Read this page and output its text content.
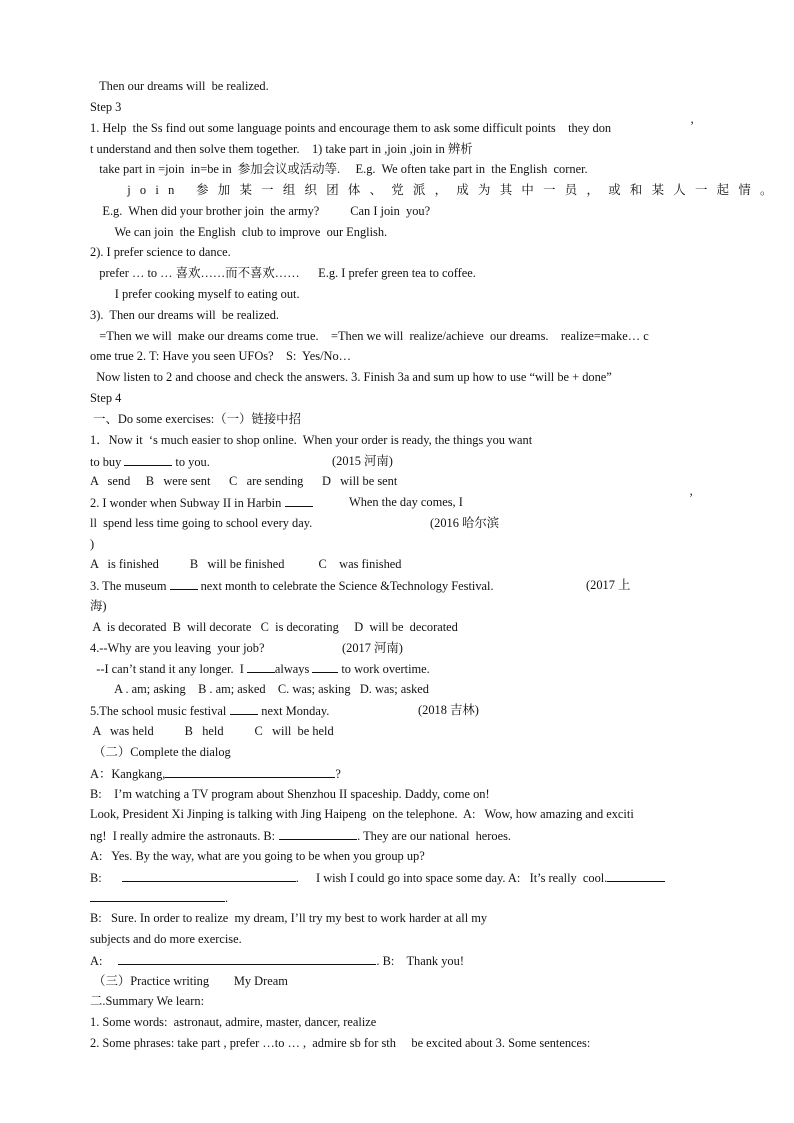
Then our dreams will  be realized.
Step 3
1. Help  the Ss find out some language points and encourage them to ask some difficult points    they don	’
t understand and then solve them together.    1) take part in ,join ,join in 辨析
take part in =join  in=be in  参加会议或活动等.     E.g.  We often take part in  the English  corner.
join 参加某一组织团体、党派，成为其中一员，或和某人一起情。
E.g.  When did your brother join  the army?          Can I join  you?
We can join  the English  club to improve  our English.
2). I prefer science to dance.
prefer … to … 喜欢……而不喜欢……      E.g. I prefer green tea to coffee.
I prefer cooking myself to eating out.
3).  Then our dreams will  be realized.
=Then we will  make our dreams come true.    =Then we will  realize/achieve  our dreams.    realize=make… c
ome true 2. T: Have you seen UFOs?    S:  Yes/No…
Now listen to 2 and choose and check the answers. 3. Finish 3a and sum up how to use “will be + done”
Step 4
一、Do some exercises:（一）链接中招
1．Now it  ‘s much easier to shop online.  When your order is ready, the things you want
to buy	to you.	(2015 河南)
A   send     B   were sent      C   are sending      D   will be sent
2. I wonder when Subway II in Harbin	When the day comes, I	’
ll  spend less time going to school every day.	(2016 哈尔滨
)
A   is finished          B   will be finished           C    was finished
3. The museum	next month to celebrate the Science &Technology Festival.	(2017 上
海)
A  is decorated  B  will decorate   C  is decorating     D  will be  decorated
4.--Why are you leaving  your job?	(2017 河南)
--I can’t stand it any longer.  I	always	to work overtime.
A . am; asking    B . am; asked    C. was; asking   D. was; asked
5.The school music festival	next Monday.	(2018 吉林)
A   was held          B   held          C   will  be held
（二）Complete the dialog
A：Kangkang,	?
B:    I’m watching a TV program about Shenzhou II spaceship. Daddy, come on!
Look, President Xi Jinping is talking with Jing Haipeng  on the telephone.  A:   Wow, how amazing and exciti
ng!  I really admire the astronauts. B:	. They are our national  heroes.
A:   Yes. By the way, what are you going to be when you group up?
B:	. I wish I could go into space some day. A:   It’s really  cool.
.
B:   Sure. In order to realize  my dream, I’ll try my best to work harder at all my
subjects and do more exercise.
A:	. B:    Thank you!
（三）Practice writing        My Dream
二.Summary We learn:
1. Some words:  astronaut, admire, master, dancer, realize
2. Some phrases: take part , prefer …to … ,  admire sb for sth     be excited about 3. Some sentences:
